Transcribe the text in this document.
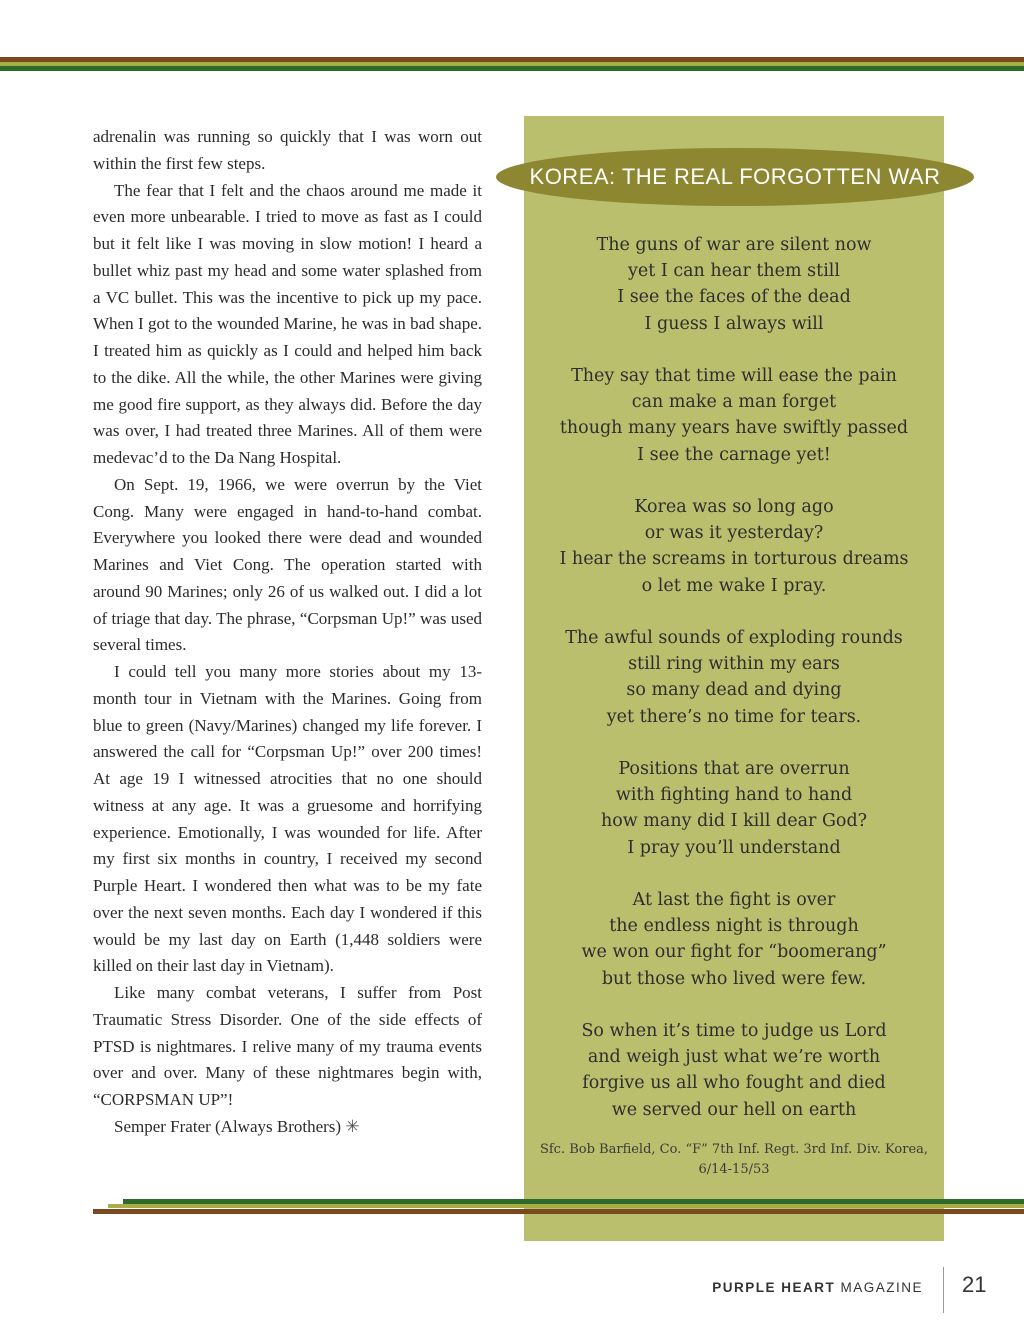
adrenalin was running so quickly that I was worn out within the first few steps.

The fear that I felt and the chaos around me made it even more unbearable. I tried to move as fast as I could but it felt like I was moving in slow motion! I heard a bullet whiz past my head and some water splashed from a VC bullet. This was the incentive to pick up my pace. When I got to the wounded Marine, he was in bad shape. I treated him as quickly as I could and helped him back to the dike. All the while, the other Marines were giving me good fire support, as they always did. Before the day was over, I had treated three Marines. All of them were medevac’d to the Da Nang Hospital.

On Sept. 19, 1966, we were overrun by the Viet Cong. Many were engaged in hand-to-hand combat. Everywhere you looked there were dead and wounded Marines and Viet Cong. The operation started with around 90 Marines; only 26 of us walked out. I did a lot of triage that day. The phrase, “Corpsman Up!” was used several times.

I could tell you many more stories about my 13-month tour in Vietnam with the Marines. Going from blue to green (Navy/Marines) changed my life forever. I answered the call for “Corpsman Up!” over 200 times! At age 19 I witnessed atrocities that no one should witness at any age. It was a gruesome and horrifying experience. Emotionally, I was wounded for life. After my first six months in country, I received my second Purple Heart. I wondered then what was to be my fate over the next seven months. Each day I wondered if this would be my last day on Earth (1,448 soldiers were killed on their last day in Vietnam).

Like many combat veterans, I suffer from Post Traumatic Stress Disorder. One of the side effects of PTSD is nightmares. I relive many of my trauma events over and over. Many of these nightmares begin with, “CORPSMAN UP”!

Semper Frater (Always Brothers) ✳

KOREA: THE REAL FORGOTTEN WAR
The guns of war are silent now
yet I can hear them still
I see the faces of the dead
I guess I always will
They say that time will ease the pain
can make a man forget
though many years have swiftly passed
I see the carnage yet!
Korea was so long ago
or was it yesterday?
I hear the screams in torturous dreams
o let me wake I pray.
The awful sounds of exploding rounds
still ring within my ears
so many dead and dying
yet there’s no time for tears.
Positions that are overrun
with fighting hand to hand
how many did I kill dear God?
I pray you’ll understand
At last the fight is over
the endless night is through
we won our fight for “boomerang”
but those who lived were few.
So when it’s time to judge us Lord
and weigh just what we’re worth
forgive us all who fought and died
we served our hell on earth
Sfc. Bob Barfield, Co. “F” 7th Inf. Regt. 3rd Inf. Div. Korea,
6/14-15/53
PURPLE HEART MAGAZINE 21
